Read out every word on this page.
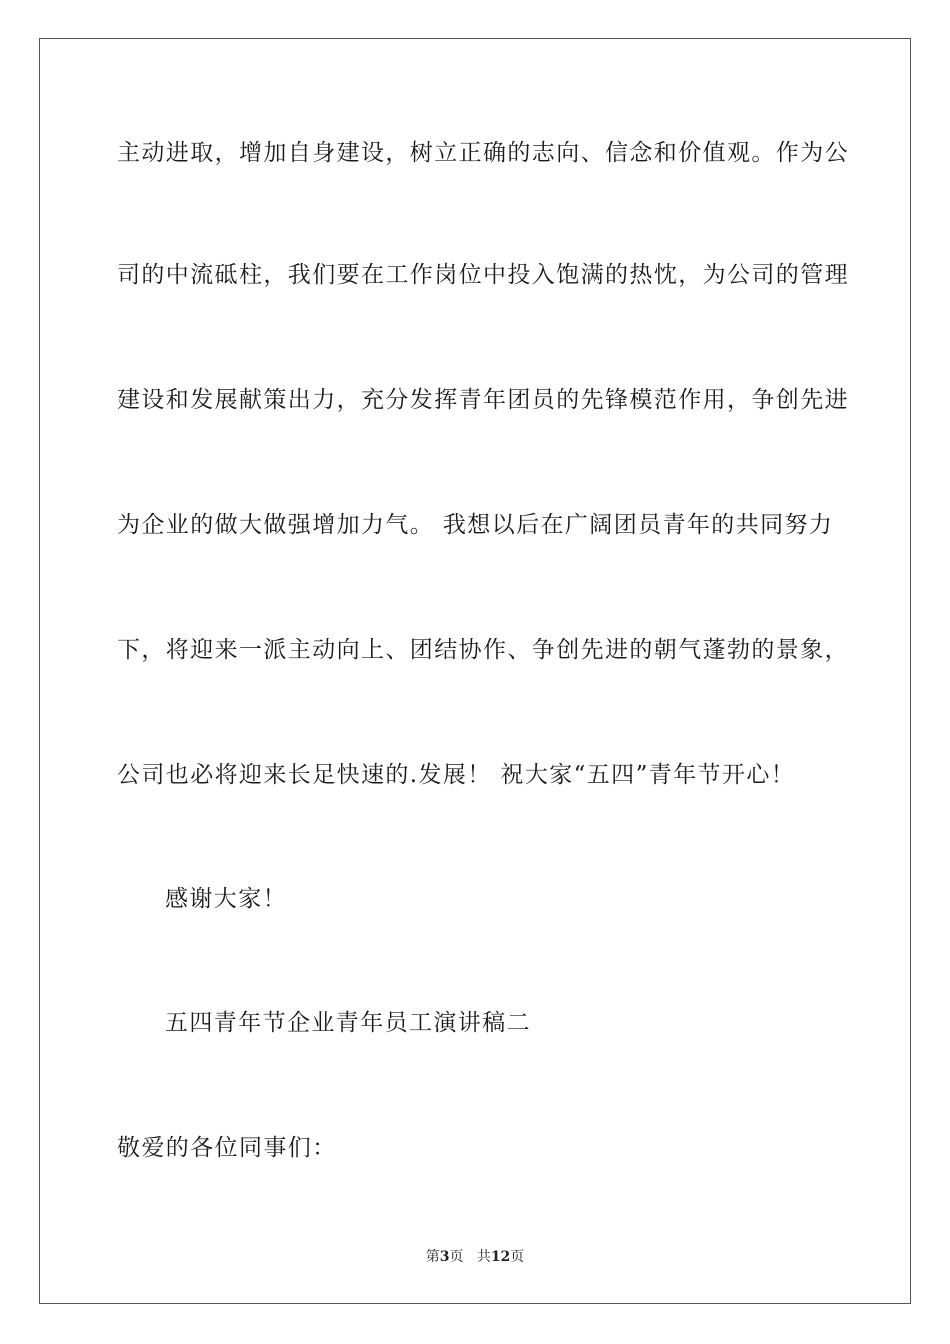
主动进取，增加自身建设，树立正确的志向、信念和价值观。作为公
司的中流砥柱，我们要在工作岗位中投入饱满的热忱，为公司的管理
建设和发展献策出力，充分发挥青年团员的先锋模范作用，争创先进
为企业的做大做强增加力气。 我想以后在广阔团员青年的共同努力
下，将迎来一派主动向上、团结协作、争创先进的朝气蓬勃的景象，
公司也必将迎来长足快速的.发展！ 祝大家“五四”青年节开心！
感谢大家！
五四青年节企业青年员工演讲稿二
敬爱的各位同事们：
第3页 共12页
